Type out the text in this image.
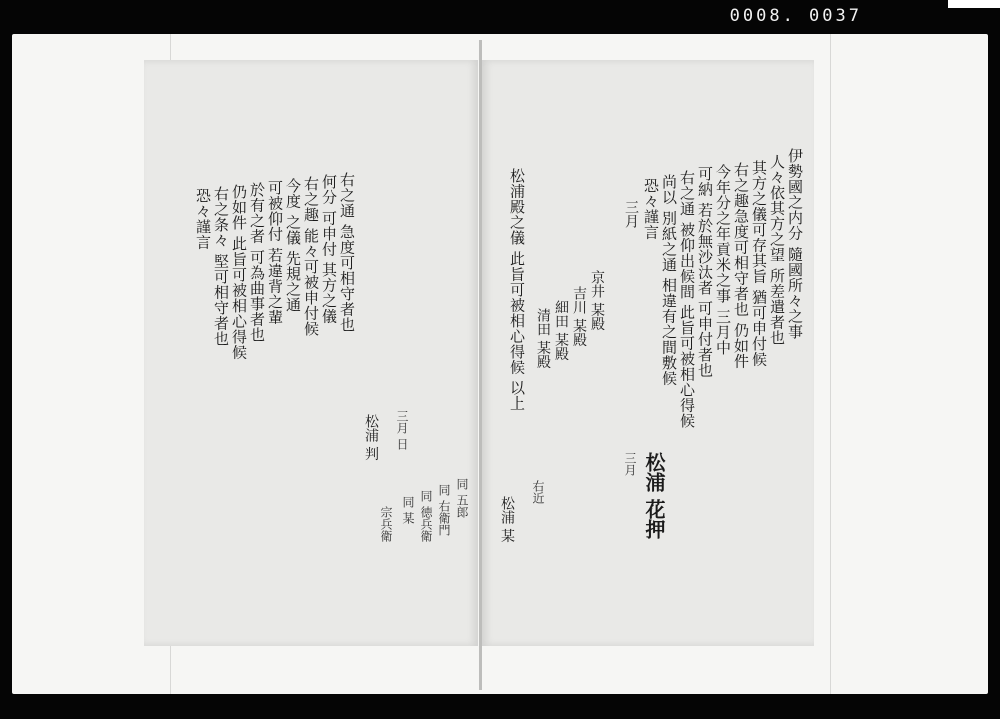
0008. 0037
伊勢國之内分 隨國所々之事
人々依其方之望 所差遣者也
其方之儀可存其旨 猶可申付候
右之趣急度可相守者也 仍如件
今年分之年貢米之事 三月中
可納 若於無沙汰者 可申付者也
右之通 被仰出候間 此旨可被相心得候
尚以 別紙之通 相違有之間敷候
恐々謹言
三月
松浦 花押
三月
京井 某殿
吉川 某殿
細田 某殿
清田 某殿
松浦殿之儀 此旨可被相心得候 以上
右近
松浦 某
右之通 急度可相守者也
何分 可申付 其方之儀
右之趣 能々可被申付候
今度 之儀 先規之通
可被仰付 若違背之輩
於有之者 可為曲事者也
仍如件 此旨可被相心得候
右之条々 堅可相守者也
恐々謹言
三月 日
松浦 判
同 五郎
同 右衛門
同 徳兵衛
同 某
宗兵衛
